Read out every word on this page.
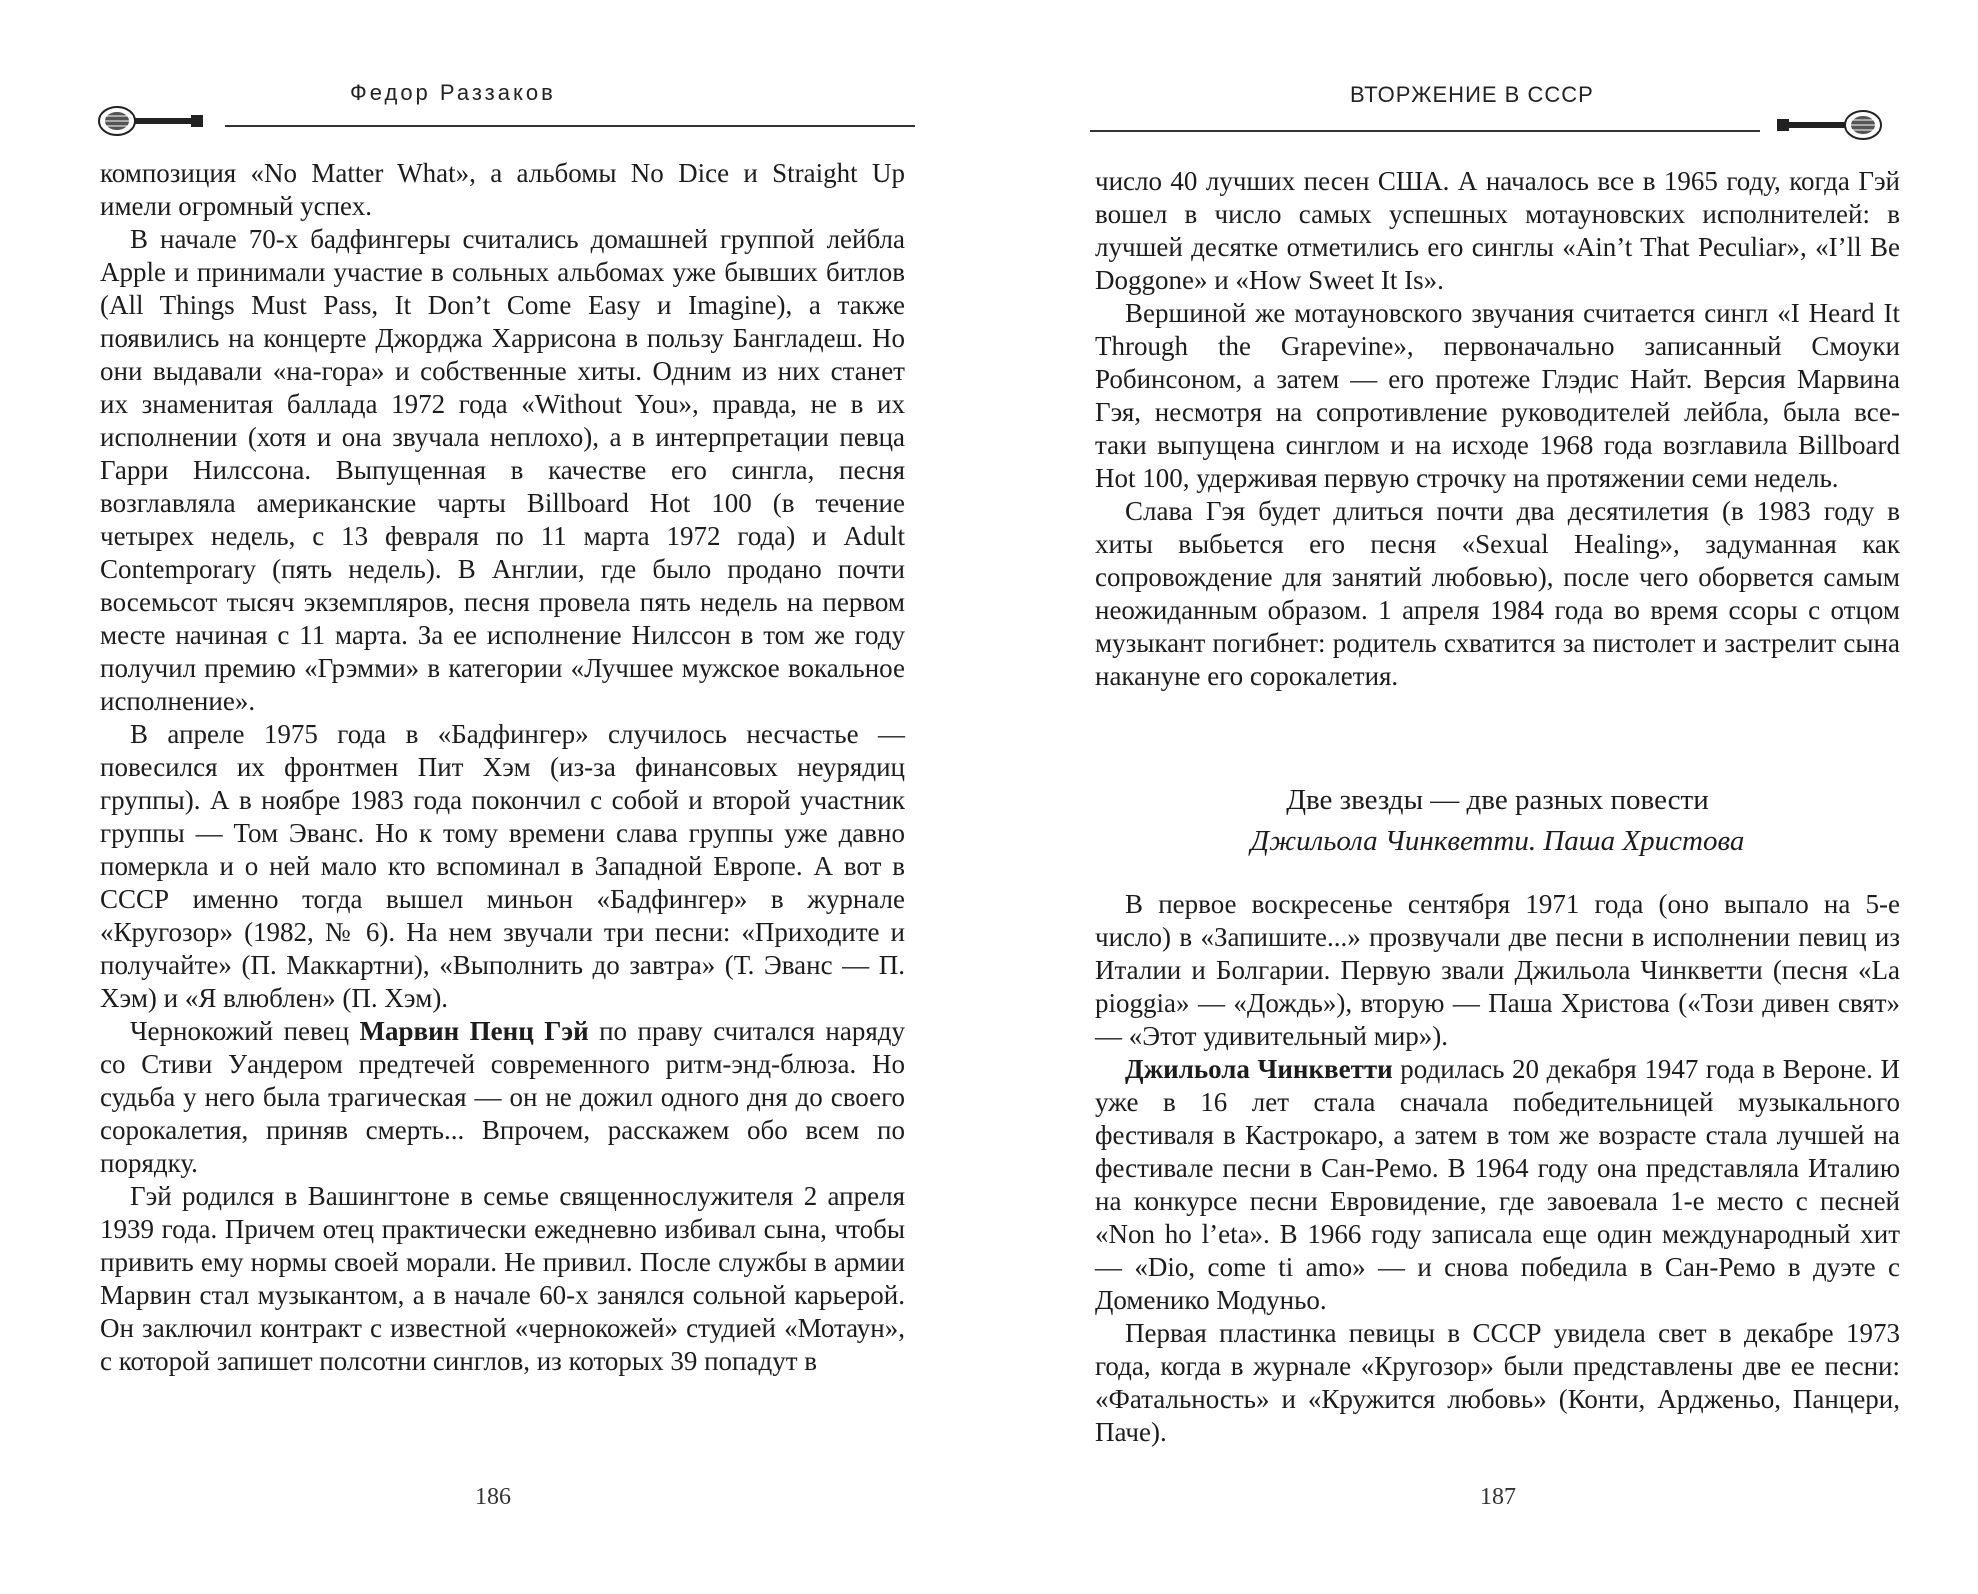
Федор Раззаков

композиция «No Matter What», а альбомы No Dice и Straight Up имели огромный успех.

В начале 70-х бадфингеры считались домашней группой лейбла Apple и принимали участие в сольных альбомах уже бывших битлов (All Things Must Pass, It Don’t Come Easy и Imagine), а также появились на концерте Джорджа Харрисона в пользу Бангладеш. Но они выдавали «на-гора» и собственные хиты. Одним из них станет их знаменитая баллада 1972 года «Without You», правда, не в их исполнении (хотя и она звучала неплохо), а в интерпретации певца Гарри Нилссона. Выпущенная в качестве его сингла, песня возглавляла американские чарты Billboard Hot 100 (в течение четырех недель, с 13 февраля по 11 марта 1972 года) и Adult Contemporary (пять недель). В Англии, где было продано почти восемьсот тысяч экземпляров, песня провела пять недель на первом месте начиная с 11 марта. За ее исполнение Нилссон в том же году получил премию «Грэмми» в категории «Лучшее мужское вокальное исполнение».

В апреле 1975 года в «Бадфингер» случилось несчастье — повесился их фронтмен Пит Хэм (из-за финансовых неурядиц группы). А в ноябре 1983 года покончил с собой и второй участник группы — Том Эванс. Но к тому времени слава группы уже давно померкла и о ней мало кто вспоминал в Западной Европе. А вот в СССР именно тогда вышел миньон «Бадфингер» в журнале «Кругозор» (1982, № 6). На нем звучали три песни: «Приходите и получайте» (П. Маккартни), «Выполнить до завтра» (Т. Эванс — П. Хэм) и «Я влюблен» (П. Хэм).

Чернокожий певец Марвин Пенц Гэй по праву считался наряду со Стиви Уандером предтечей современного ритм-энд-блюза. Но судьба у него была трагическая — он не дожил одного дня до своего сорокалетия, приняв смерть... Впрочем, расскажем обо всем по порядку.

Гэй родился в Вашингтоне в семье священнослужителя 2 апреля 1939 года. Причем отец практически ежедневно избивал сына, чтобы привить ему нормы своей морали. Не привил. После службы в армии Марвин стал музыкантом, а в начале 60-х занялся сольной карьерой. Он заключил контракт с известной «чернокожей» студией «Мотаун», с которой запишет полсотни синглов, из которых 39 попадут в

186
ВТОРЖЕНИЕ В СССР

число 40 лучших песен США. А началось все в 1965 году, когда Гэй вошел в число самых успешных мотауновских исполнителей: в лучшей десятке отметились его синглы «Ain’t That Peculiar», «I’ll Be Doggone» и «How Sweet It Is».

Вершиной же мотауновского звучания считается сингл «I Heard It Through the Grapevine», первоначально записанный Смоуки Робинсоном, а затем — его протеже Глэдис Найт. Версия Марвина Гэя, несмотря на сопротивление руководителей лейбла, была все-таки выпущена синглом и на исходе 1968 года возглавила Billboard Hot 100, удерживая первую строчку на протяжении семи недель.

Слава Гэя будет длиться почти два десятилетия (в 1983 году в хиты выбьется его песня «Sexual Healing», задуманная как сопровождение для занятий любовью), после чего оборвется самым неожиданным образом. 1 апреля 1984 года во время ссоры с отцом музыкант погибнет: родитель схватится за пистолет и застрелит сына накануне его сорокалетия.

Две звезды — две разных повести
Джильола Чинкветти. Паша Христова

В первое воскресенье сентября 1971 года (оно выпало на 5-е число) в «Запишите...» прозвучали две песни в исполнении певиц из Италии и Болгарии. Первую звали Джильола Чинкветти (песня «La pioggia» — «Дождь»), вторую — Паша Христова («Този дивен свят» — «Этот удивительный мир»).

Джильола Чинкветти родилась 20 декабря 1947 года в Вероне. И уже в 16 лет стала сначала победительницей музыкального фестиваля в Кастрокаро, а затем в том же возрасте стала лучшей на фестивале песни в Сан-Ремо. В 1964 году она представляла Италию на конкурсе песни Евровидение, где завоевала 1-е место с песней «Non ho l’eta». В 1966 году записала еще один международный хит — «Dio, come ti amo» — и снова победила в Сан-Ремо в дуэте с Доменико Модуньо.

Первая пластинка певицы в СССР увидела свет в декабре 1973 года, когда в журнале «Кругозор» были представлены две ее песни: «Фатальность» и «Кружится любовь» (Конти, Ардженьо, Панцери, Паче).

187
